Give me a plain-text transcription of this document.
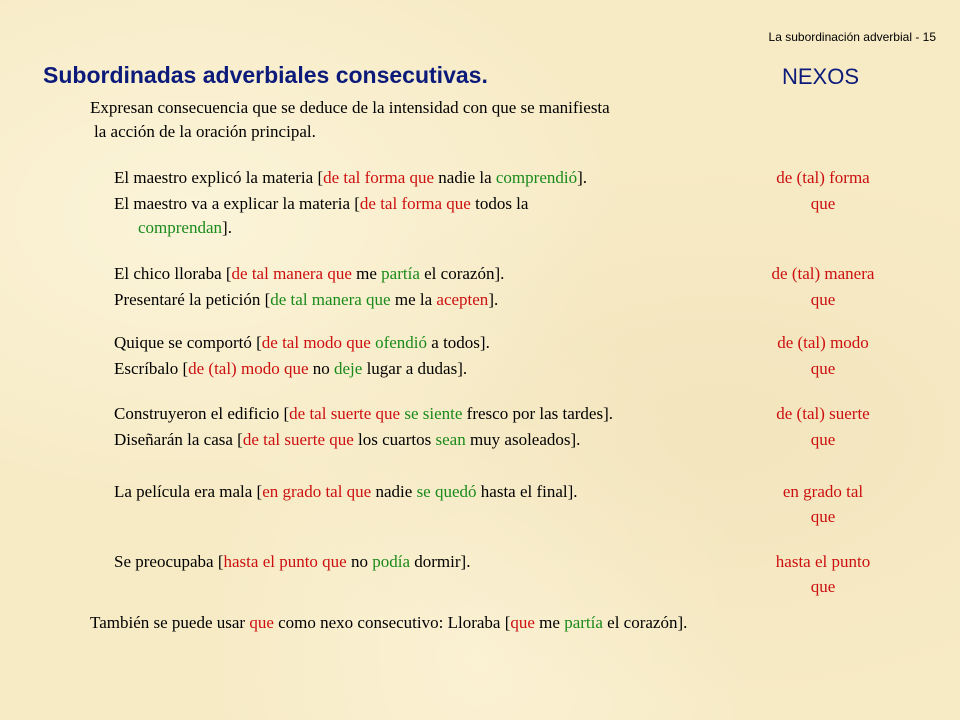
La subordinación adverbial - 15
Subordinadas adverbiales consecutivas.	NEXOS
Expresan consecuencia que se deduce de la intensidad con que se manifiesta
la acción de la oración principal.
El maestro explicó la materia [de tal forma que nadie la comprendió].
El maestro va a explicar la materia [de tal forma que todos la
comprendan].
El chico lloraba [de tal manera que me partía el corazón].
Presentaré la petición [de tal manera que me la acepten].
Quique se comportó [de tal modo que ofendió a todos].
Escríbalo [de (tal) modo que no deje lugar a dudas].
Construyeron el edificio [de tal suerte que se siente fresco por las tardes].
Diseñarán la casa [de tal suerte que los cuartos sean muy asoleados].
La película era mala [en grado tal que nadie se quedó hasta el final].
Se preocupaba [hasta el punto que no podía dormir].
de (tal) forma
que
de (tal) manera
que
de (tal) modo
que
de (tal) suerte
que
en grado tal
que
hasta el punto
que
También se puede usar que como nexo consecutivo: Lloraba [que me partía el corazón].
